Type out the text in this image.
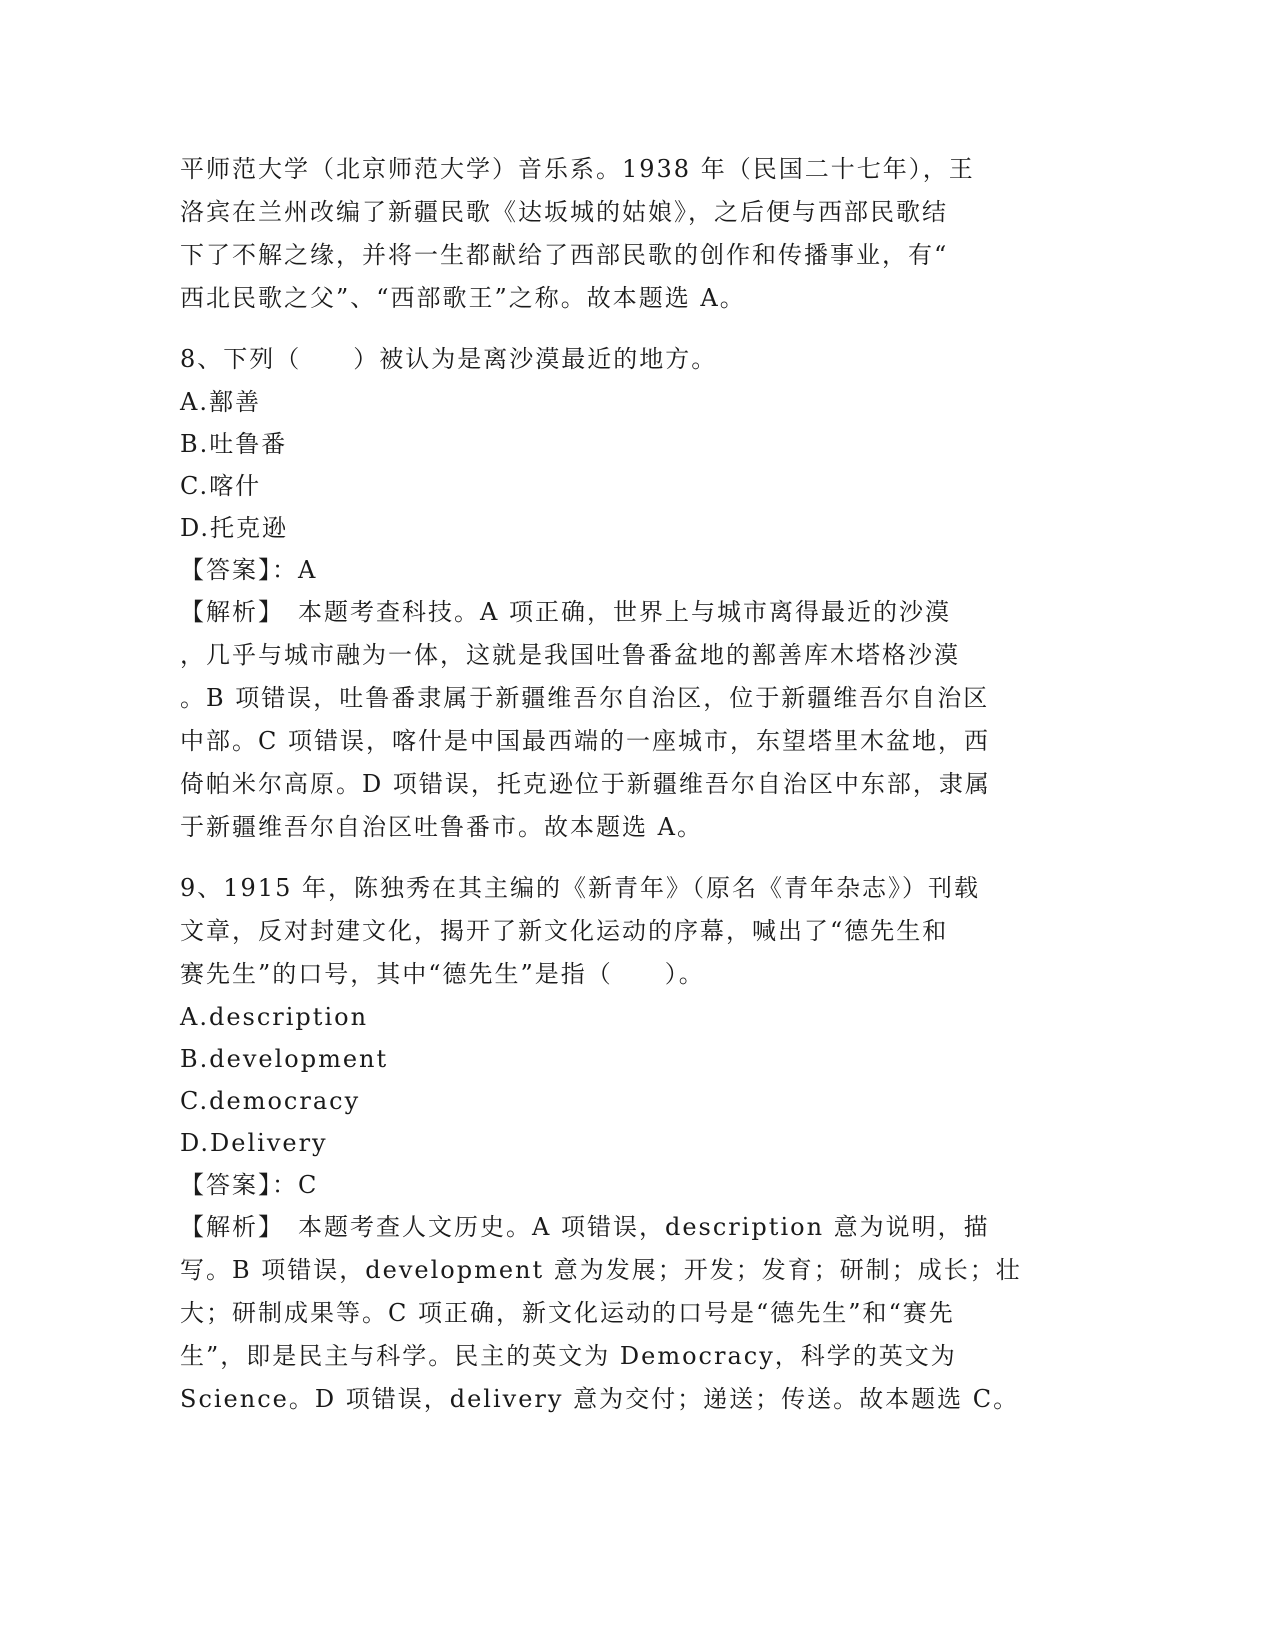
平师范大学（北京师范大学）音乐系。1938 年（民国二十七年），王
洛宾在兰州改编了新疆民歌《达坂城的姑娘》，之后便与西部民歌结
下了不解之缘，并将一生都献给了西部民歌的创作和传播事业，有“
西北民歌之父”、“西部歌王”之称。故本题选 A。
8、下列（　　）被认为是离沙漠最近的地方。
A.鄯善
B.吐鲁番
C.喀什
D.托克逊
【答案】：A
【解析】　本题考查科技。A 项正确，世界上与城市离得最近的沙漠
，几乎与城市融为一体，这就是我国吐鲁番盆地的鄯善库木塔格沙漠
。B 项错误，吐鲁番隶属于新疆维吾尔自治区，位于新疆维吾尔自治区
中部。C 项错误，喀什是中国最西端的一座城市，东望塔里木盆地，西
倚帕米尔高原。D 项错误，托克逊位于新疆维吾尔自治区中东部，隶属
于新疆维吾尔自治区吐鲁番市。故本题选 A。
9、1915 年，陈独秀在其主编的《新青年》（原名《青年杂志》）刊载
文章，反对封建文化，揭开了新文化运动的序幕，喊出了“德先生和
赛先生”的口号，其中“德先生”是指（　　）。
A.description
B.development
C.democracy
D.Delivery
【答案】：C
【解析】　本题考查人文历史。A 项错误，description 意为说明，描
写。B 项错误，development 意为发展；开发；发育；研制；成长；壮
大；研制成果等。C 项正确，新文化运动的口号是“德先生”和“赛先
生”，即是民主与科学。民主的英文为 Democracy，科学的英文为
Science。D 项错误，delivery 意为交付；递送；传送。故本题选 C。
